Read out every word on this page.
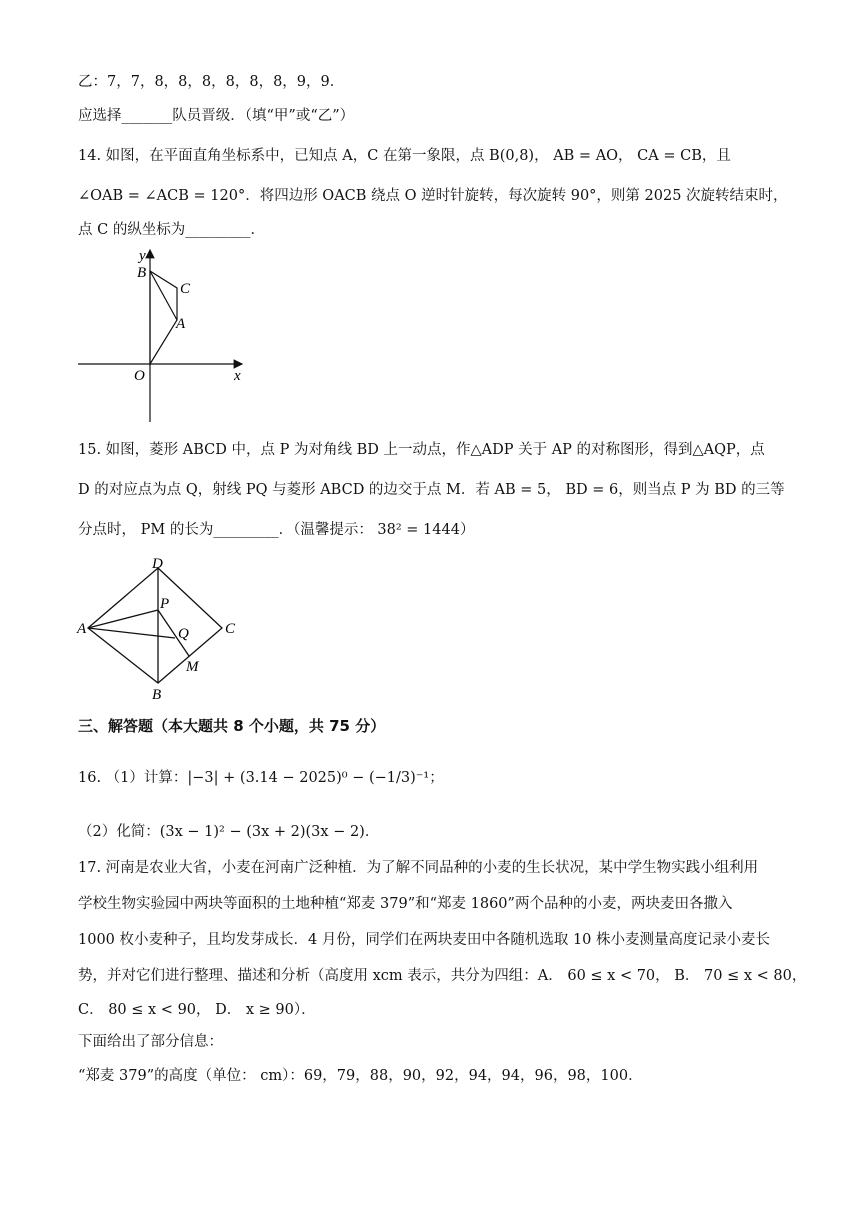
乙：7，7，8，8，8，8，8，8，9，9．
应选择_______队员晋级．（填“甲”或“乙”）
14. 如图，在平面直角坐标系中，已知点 A，C 在第一象限，点 B(0,8)， AB = AO， CA = CB，且
∠OAB = ∠ACB = 120°．将四边形 OACB 绕点 O 逆时针旋转，每次旋转 90°，则第 2025 次旋转结束时，
点 C 的纵坐标为_________．
y
x
O
A
B
C
15. 如图，菱形 ABCD 中，点 P 为对角线 BD 上一动点，作△ADP 关于 AP 的对称图形，得到△AQP，点
D 的对应点为点 Q，射线 PQ 与菱形 ABCD 的边交于点 M．若 AB = 5， BD = 6，则当点 P 为 BD 的三等
分点时， PM 的长为_________．（温馨提示： 38² = 1444）
D
P
A	Q C
M
B
三、解答题（本大题共 8 个小题，共 75 分）
16. （1）计算：|−3| + (3.14 − 2025)⁰ − (−1/3)⁻¹；
（2）化简：(3x − 1)² − (3x + 2)(3x − 2)．
17. 河南是农业大省，小麦在河南广泛种植．为了解不同品种的小麦的生长状况，某中学生物实践小组利用
学校生物实验园中两块等面积的土地种植“郑麦 379”和“郑麦 1860”两个品种的小麦，两块麦田各撒入
1000 枚小麦种子，且均发芽成长．4 月份，同学们在两块麦田中各随机选取 10 株小麦测量高度记录小麦长
势，并对它们进行整理、描述和分析（高度用 xcm 表示，共分为四组：A． 60 ≤ x < 70， B． 70 ≤ x < 80，
C． 80 ≤ x < 90， D． x ≥ 90）．
下面给出了部分信息：
“郑麦 379”的高度（单位： cm）：69，79，88，90，92，94，94，96，98，100．
